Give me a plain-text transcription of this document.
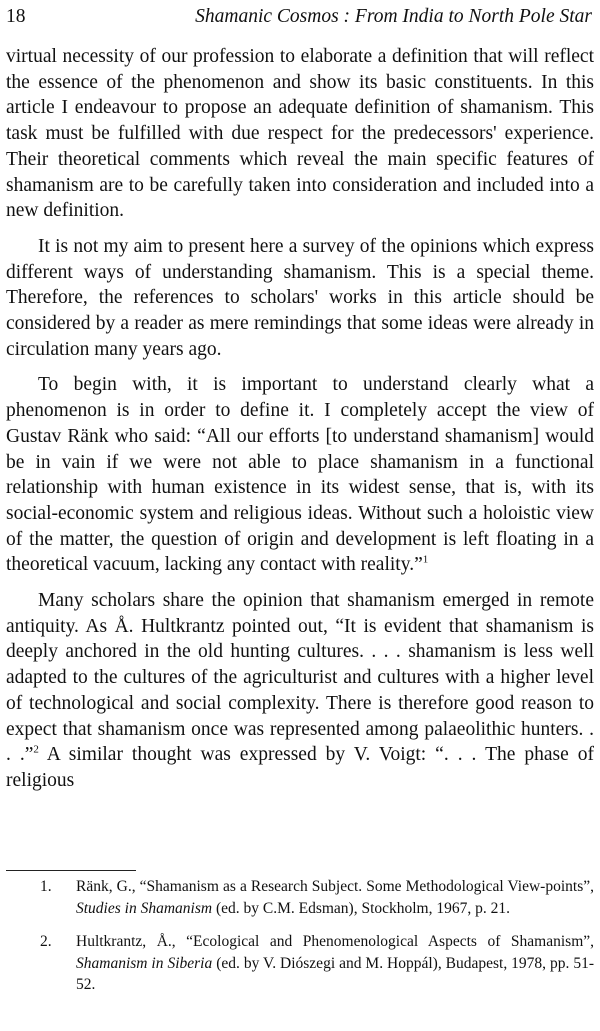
18	Shamanic Cosmos : From India to North Pole Star

virtual necessity of our profession to elaborate a definition that will reflect the essence of the phenomenon and show its basic constituents. In this article I endeavour to propose an adequate definition of shamanism. This task must be fulfilled with due respect for the predecessors' experience. Their theoretical comments which reveal the main specific features of shamanism are to be carefully taken into consideration and included into a new definition.

It is not my aim to present here a survey of the opinions which express different ways of understanding shamanism. This is a special theme. Therefore, the references to scholars' works in this article should be considered by a reader as mere remindings that some ideas were already in circulation many years ago.

To begin with, it is important to understand clearly what a phenomenon is in order to define it. I completely accept the view of Gustav Ränk who said: “All our efforts [to understand shamanism] would be in vain if we were not able to place shamanism in a functional relationship with human existence in its widest sense, that is, with its social-economic system and religious ideas. Without such a holoistic view of the matter, the question of origin and development is left floating in a theoretical vacuum, lacking any contact with reality.”$^1$

Many scholars share the opinion that shamanism emerged in remote antiquity. As Å. Hultkrantz pointed out, “It is evident that shamanism is deeply anchored in the old hunting cultures. . . . shamanism is less well adapted to the cultures of the agriculturist and cultures with a higher level of technological and social complexity. There is therefore good reason to expect that shamanism once was represented among palaeolithic hunters. . . .”$^2$ A similar thought was expressed by V. Voigt: “. . . The phase of religious

1. Ränk, G., “Shamanism as a Research Subject. Some Methodological View-points”, Studies in Shamanism (ed. by C.M. Edsman), Stockholm, 1967, p. 21.

2. Hultkrantz, Å., “Ecological and Phenomenological Aspects of Shamanism”, Shamanism in Siberia (ed. by V. Diószegi and M. Hoppál), Budapest, 1978, pp. 51-52.
